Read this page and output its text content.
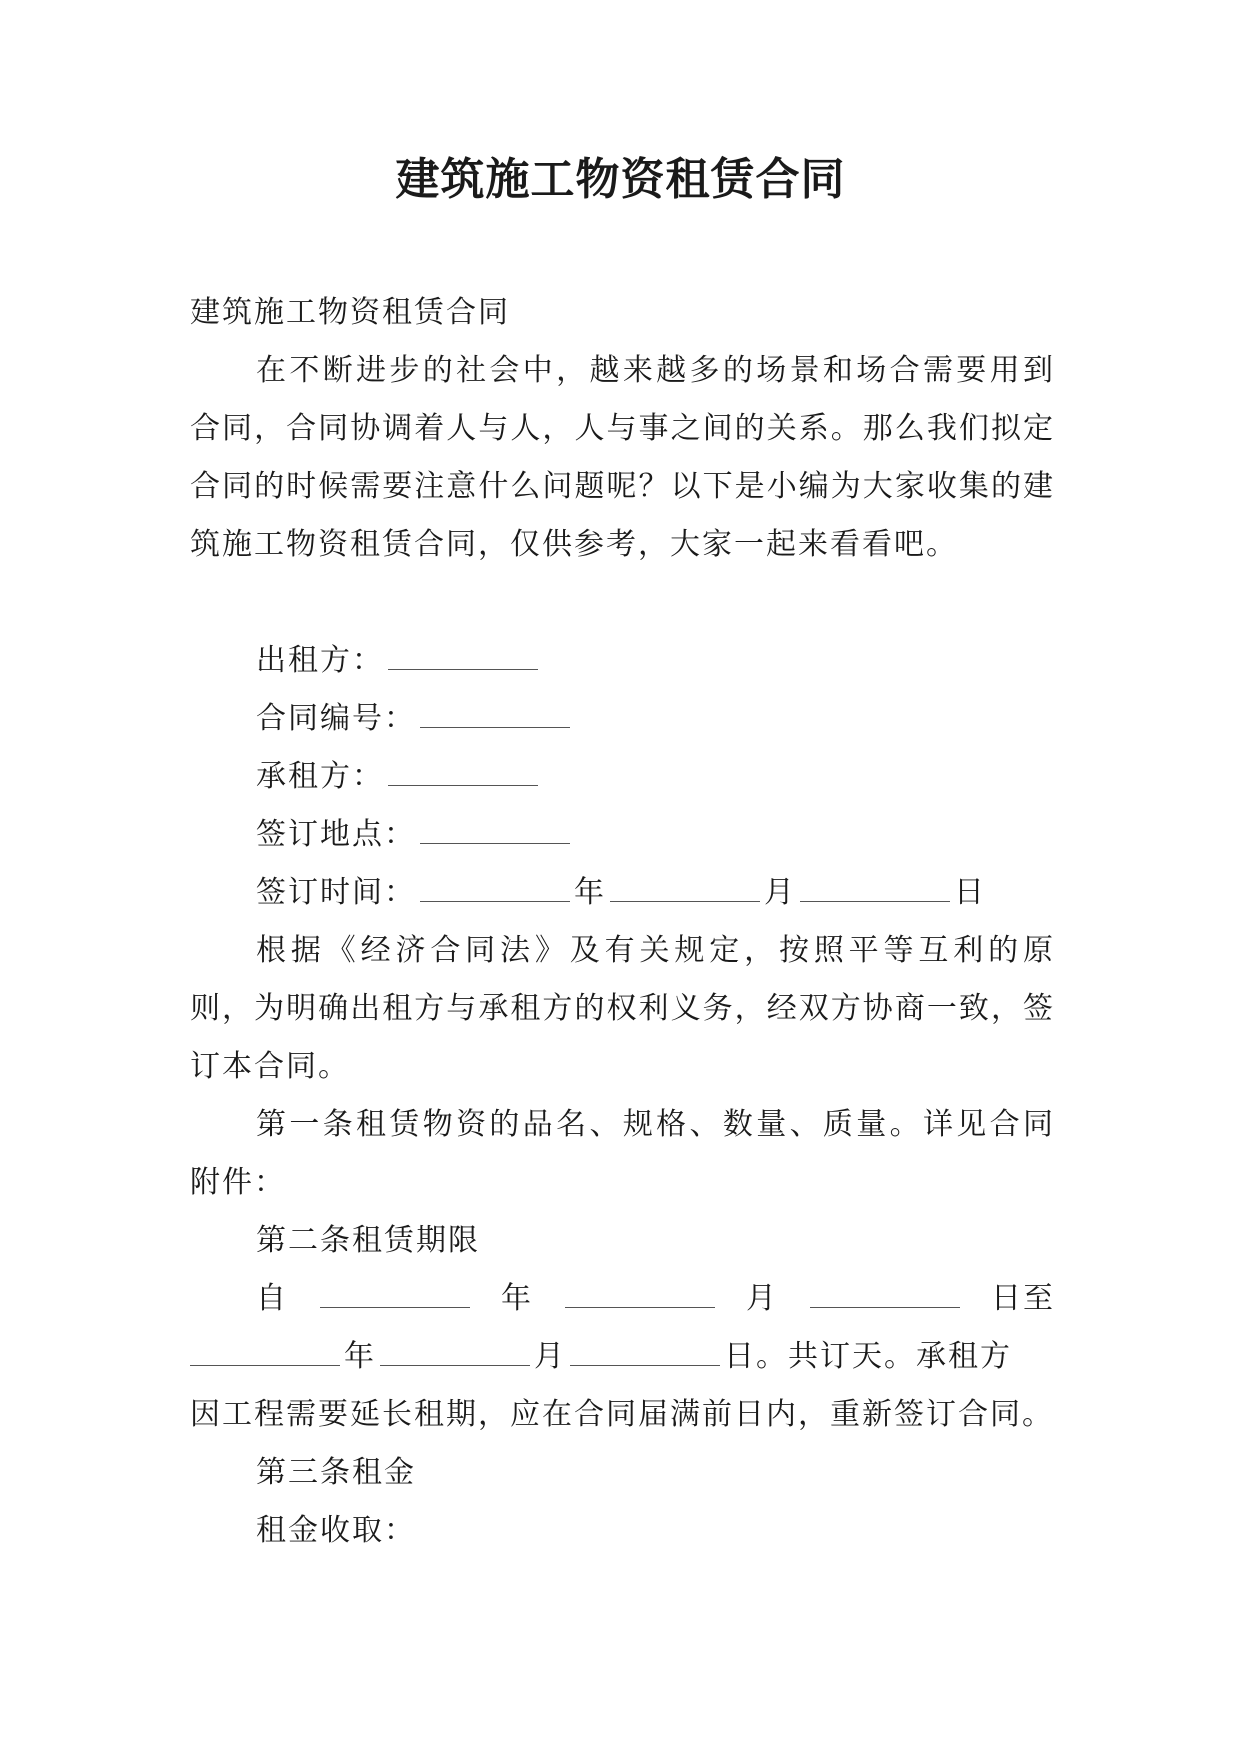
建筑施工物资租赁合同

建筑施工物资租赁合同

在不断进步的社会中，越来越多的场景和场合需要用到合同，合同协调着人与人，人与事之间的关系。那么我们拟定合同的时候需要注意什么问题呢？以下是小编为大家收集的建筑施工物资租赁合同，仅供参考，大家一起来看看吧。

出租方：

合同编号：

承租方：

签订地点：

签订时间：	年	月	日

根据《经济合同法》及有关规定，按照平等互利的原则，为明确出租方与承租方的权利义务，经双方协商一致，签订本合同。

第一条租赁物资的品名、规格、数量、质量。详见合同附件：

第二条租赁期限

自	年	月	日至

年	月	日。共订天。承租方

因工程需要延长租期，应在合同届满前日内，重新签订合同。

第三条租金

租金收取：
